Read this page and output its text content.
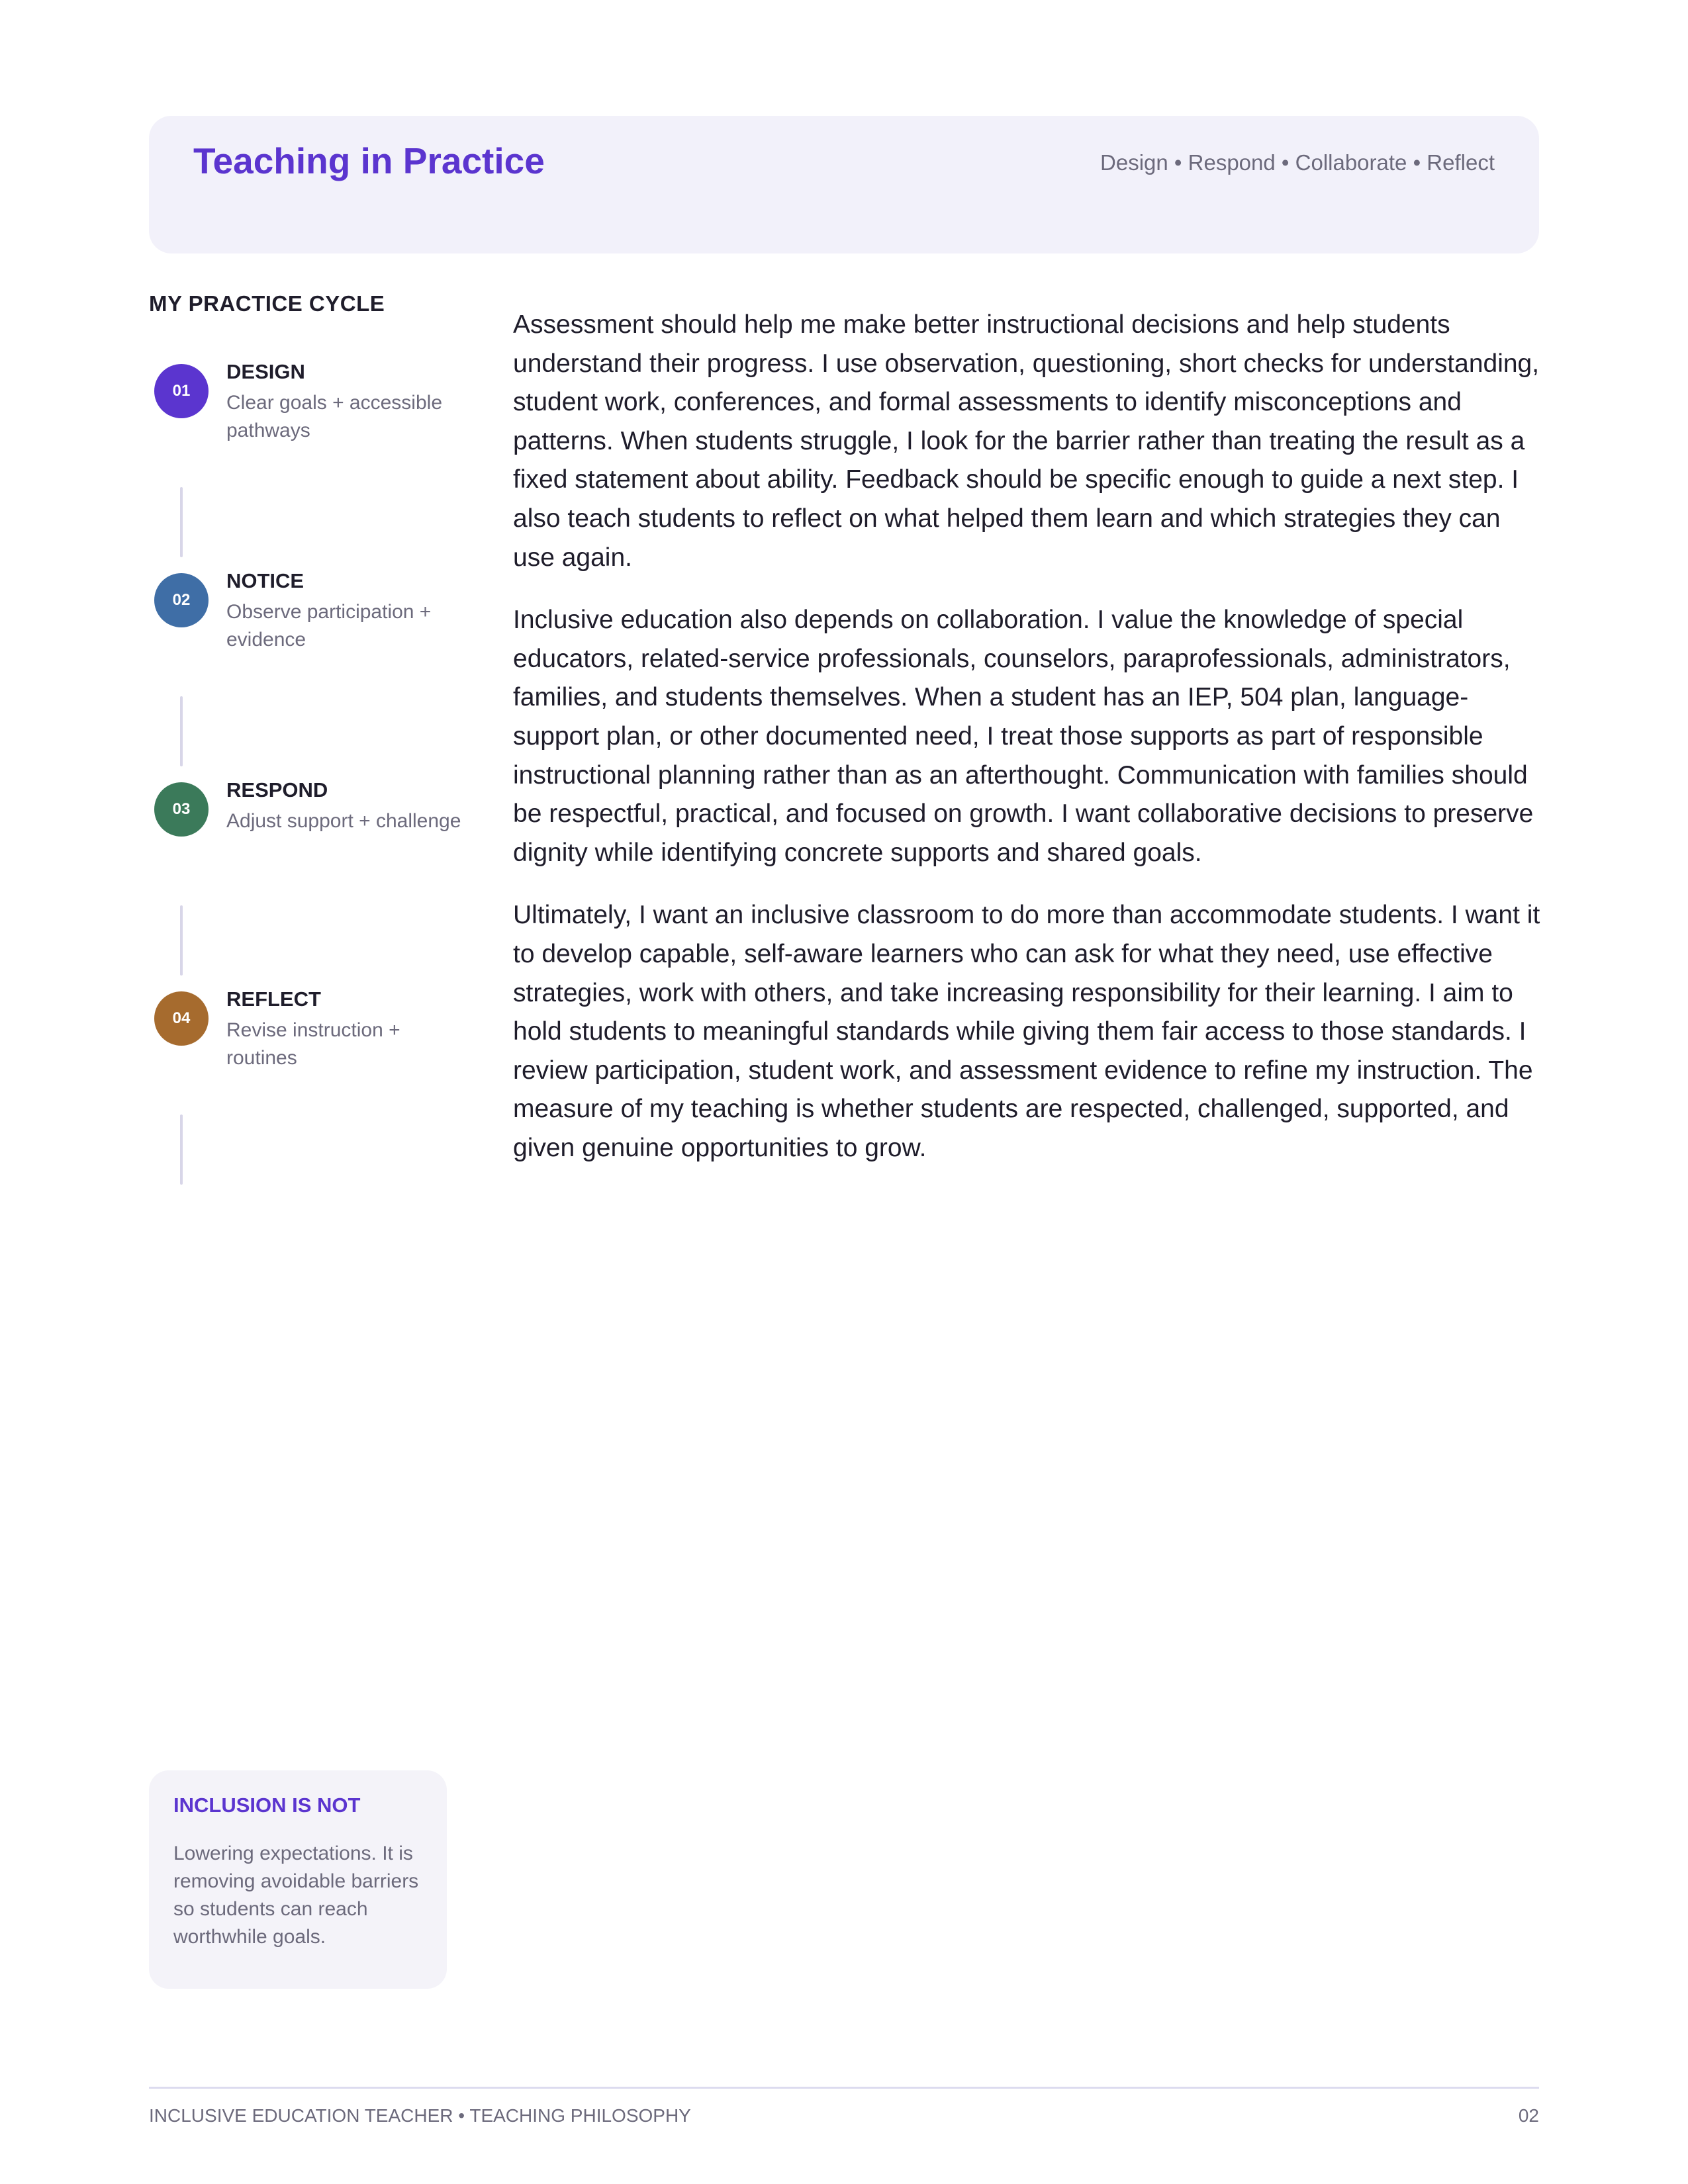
Teaching in Practice	Design • Respond • Collaborate • Reflect
MY PRACTICE CYCLE
01
DESIGN
Clear goals + accessible pathways
02
NOTICE
Observe participation + evidence
03
RESPOND
Adjust support + challenge
04
REFLECT
Revise instruction + routines

Assessment should help me make better instructional decisions and help students understand their progress. I use observation, questioning, short checks for understanding, student work, conferences, and formal assessments to identify misconceptions and patterns. When students struggle, I look for the barrier rather than treating the result as a fixed statement about ability. Feedback should be specific enough to guide a next step. I also teach students to reflect on what helped them learn and which strategies they can use again.

Inclusive education also depends on collaboration. I value the knowledge of special educators, related-service professionals, counselors, paraprofessionals, administrators, families, and students themselves. When a student has an IEP, 504 plan, language-support plan, or other documented need, I treat those supports as part of responsible instructional planning rather than as an afterthought. Communication with families should be respectful, practical, and focused on growth. I want collaborative decisions to preserve dignity while identifying concrete supports and shared goals.

Ultimately, I want an inclusive classroom to do more than accommodate students. I want it to develop capable, self-aware learners who can ask for what they need, use effective strategies, work with others, and take increasing responsibility for their learning. I aim to hold students to meaningful standards while giving them fair access to those standards. I review participation, student work, and assessment evidence to refine my instruction. The measure of my teaching is whether students are respected, challenged, supported, and given genuine opportunities to grow.

INCLUSION IS NOT
Lowering expectations. It is removing avoidable barriers so students can reach worthwhile goals.
INCLUSIVE EDUCATION TEACHER • TEACHING PHILOSOPHY	02
